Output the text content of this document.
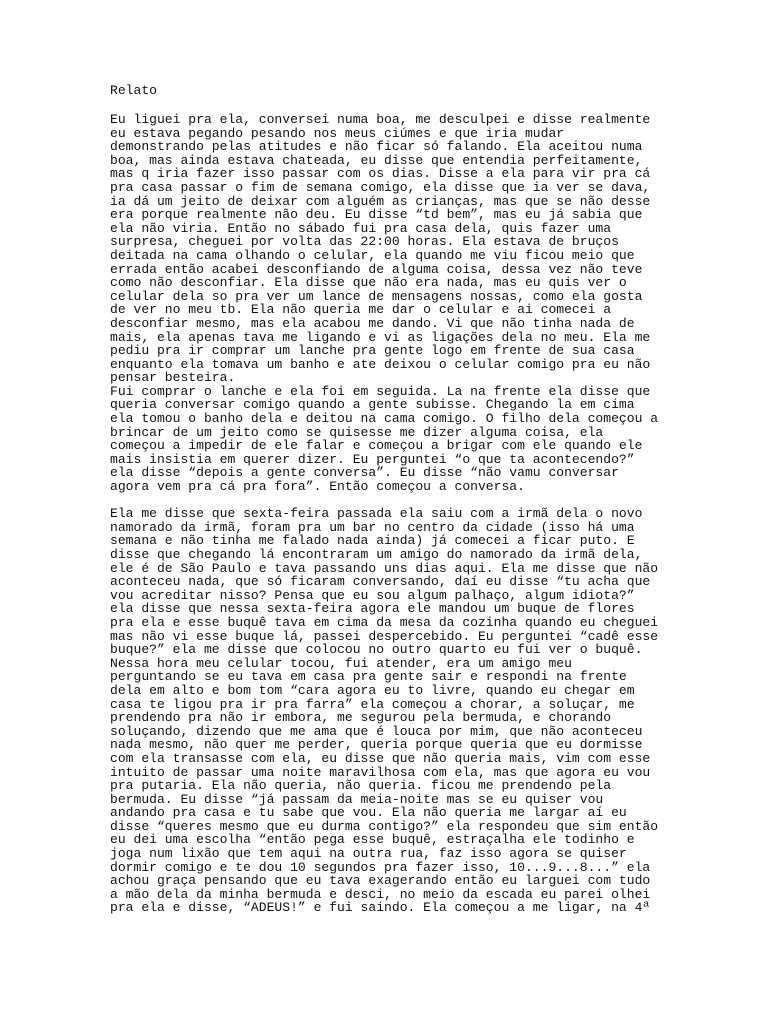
Relato
Eu liguei pra ela, conversei numa boa, me desculpei e disse realmente
eu estava pegando pesando nos meus ciúmes e que iria mudar
demonstrando pelas atitudes e não ficar só falando. Ela aceitou numa
boa, mas ainda estava chateada, eu disse que entendia perfeitamente,
mas q iria fazer isso passar com os dias. Disse a ela para vir pra cá
pra casa passar o fim de semana comigo, ela disse que ia ver se dava,
ia dá um jeito de deixar com alguém as crianças, mas que se não desse
era porque realmente não deu. Eu disse “td bem”, mas eu já sabia que
ela não viria. Então no sábado fui pra casa dela, quis fazer uma
surpresa, cheguei por volta das 22:00 horas. Ela estava de bruços
deitada na cama olhando o celular, ela quando me viu ficou meio que
errada então acabei desconfiando de alguma coisa, dessa vez não teve
como não desconfiar. Ela disse que não era nada, mas eu quis ver o
celular dela so pra ver um lance de mensagens nossas, como ela gosta
de ver no meu tb. Ela não queria me dar o celular e ai comecei a
desconfiar mesmo, mas ela acabou me dando. Vi que não tinha nada de
mais, ela apenas tava me ligando e vi as ligações dela no meu. Ela me
pediu pra ir comprar um lanche pra gente logo em frente de sua casa
enquanto ela tomava um banho e ate deixou o celular comigo pra eu não
pensar besteira.
Fui comprar o lanche e ela foi em seguida. La na frente ela disse que
queria conversar comigo quando a gente subisse. Chegando la em cima
ela tomou o banho dela e deitou na cama comigo. O filho dela começou a
brincar de um jeito como se quisesse me dizer alguma coisa, ela
começou a impedir de ele falar e começou a brigar com ele quando ele
mais insistia em querer dizer. Eu perguntei “o que ta acontecendo?”
ela disse “depois a gente conversa”. Eu disse “não vamu conversar
agora vem pra cá pra fora”. Então começou a conversa.
Ela me disse que sexta-feira passada ela saiu com a irmã dela o novo
namorado da irmã, foram pra um bar no centro da cidade (isso há uma
semana e não tinha me falado nada ainda) já comecei a ficar puto. E
disse que chegando lá encontraram um amigo do namorado da irmã dela,
ele é de São Paulo e tava passando uns dias aqui. Ela me disse que não
aconteceu nada, que só ficaram conversando, daí eu disse “tu acha que
vou acreditar nisso? Pensa que eu sou algum palhaço, algum idiota?”
ela disse que nessa sexta-feira agora ele mandou um buque de flores
pra ela e esse buquê tava em cima da mesa da cozinha quando eu cheguei
mas não vi esse buque lá, passei despercebido. Eu perguntei “cadê esse
buque?” ela me disse que colocou no outro quarto eu fui ver o buquê.
Nessa hora meu celular tocou, fui atender, era um amigo meu
perguntando se eu tava em casa pra gente sair e respondi na frente
dela em alto e bom tom “cara agora eu to livre, quando eu chegar em
casa te ligou pra ir pra farra” ela começou a chorar, a soluçar, me
prendendo pra não ir embora, me segurou pela bermuda, e chorando
soluçando, dizendo que me ama que é louca por mim, que não aconteceu
nada mesmo, não quer me perder, queria porque queria que eu dormisse
com ela transasse com ela, eu disse que não queria mais, vim com esse
intuito de passar uma noite maravilhosa com ela, mas que agora eu vou
pra putaria. Ela não queria, não queria. ficou me prendendo pela
bermuda. Eu disse “já passam da meia-noite mas se eu quiser vou
andando pra casa e tu sabe que vou. Ela não queria me largar aí eu
disse “queres mesmo que eu durma contigo?” ela respondeu que sim então
eu dei uma escolha “então pega esse buquê, estraçalha ele todinho e
joga num lixão que tem aqui na outra rua, faz isso agora se quiser
dormir comigo e te dou 10 segundos pra fazer isso, 10...9...8...” ela
achou graça pensando que eu tava exagerando então eu larguei com tudo
a mão dela da minha bermuda e desci, no meio da escada eu parei olhei
pra ela e disse, “ADEUS!” e fui saindo. Ela começou a me ligar, na 4ª
